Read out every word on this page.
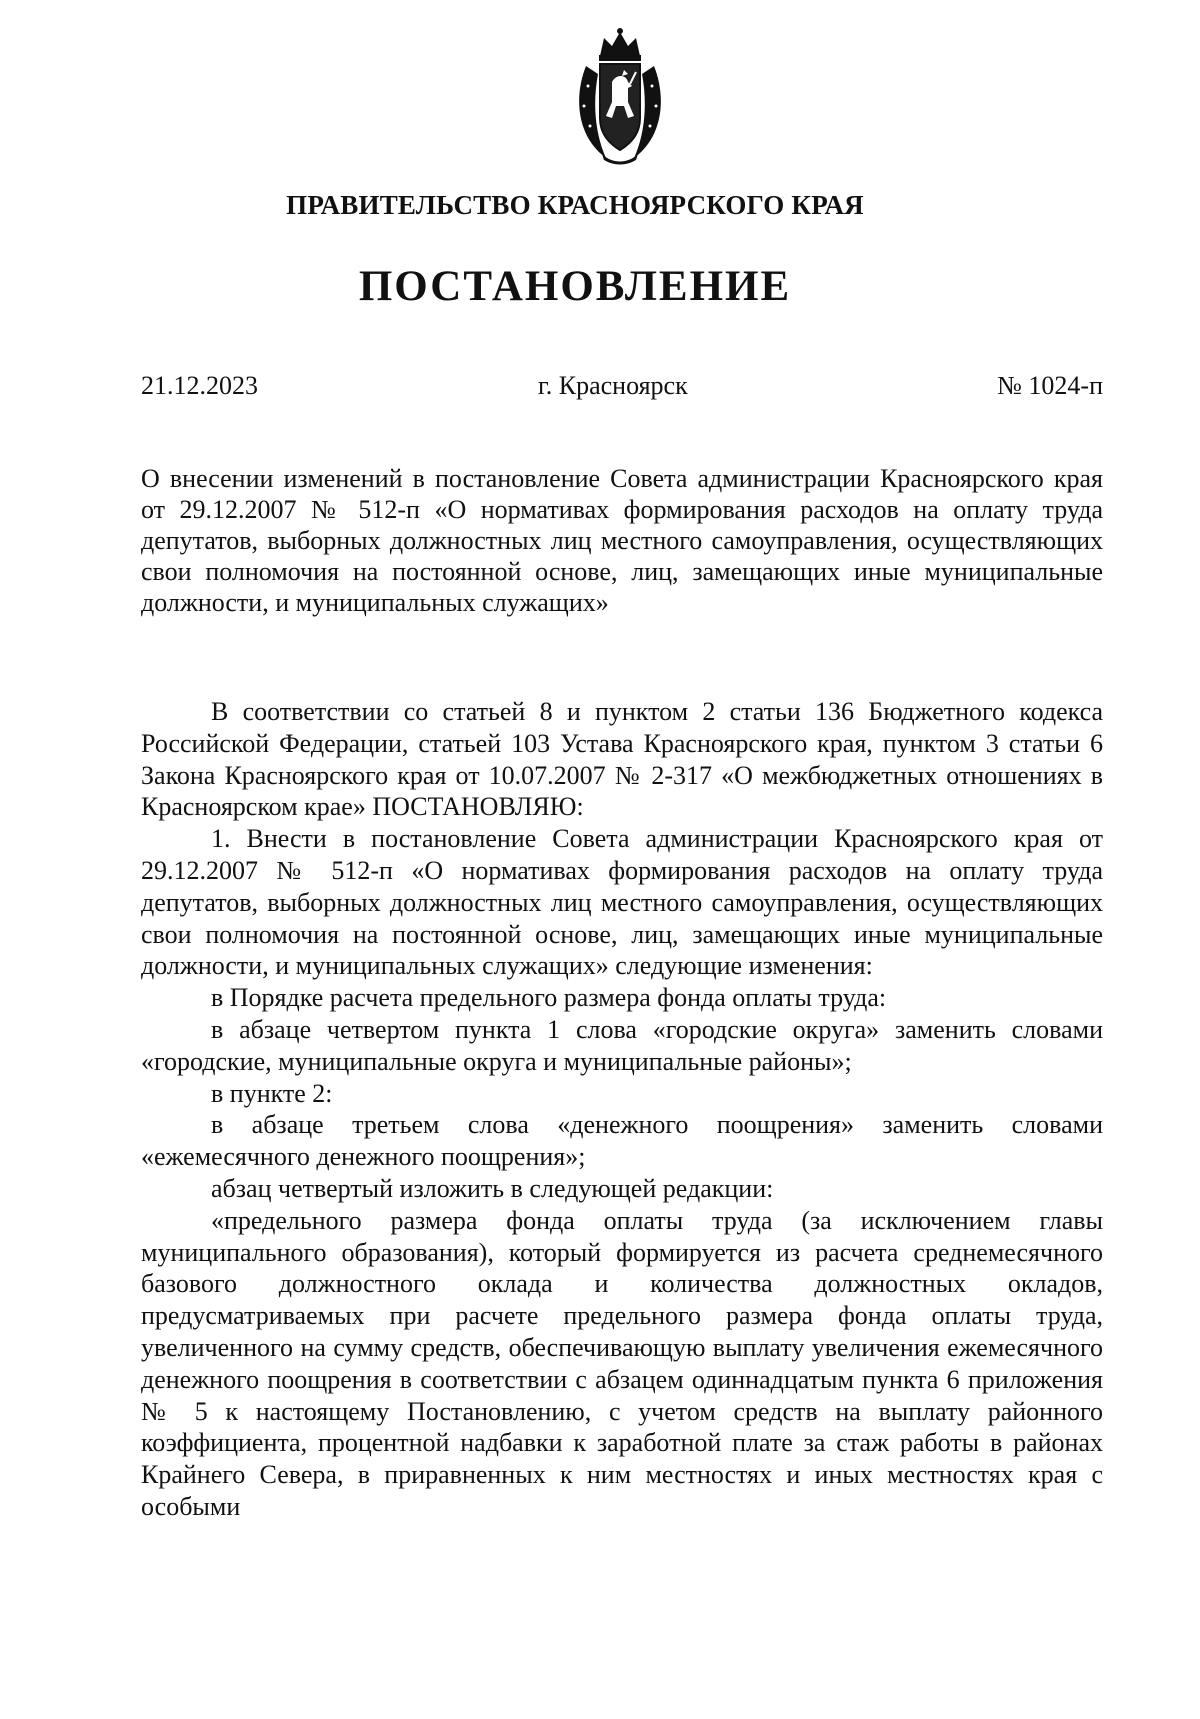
ПРАВИТЕЛЬСТВО КРАСНОЯРСКОГО КРАЯ
ПОСТАНОВЛЕНИЕ
21.12.2023	г. Красноярск	№ 1024-п
О внесении изменений в постановление Совета администрации Красноярского края от 29.12.2007 № 512-п «О нормативах формирования расходов на оплату труда депутатов, выборных должностных лиц местного самоуправления, осуществляющих свои полномочия на постоянной основе, лиц, замещающих иные муниципальные должности, и муниципальных служащих»

В соответствии со статьей 8 и пунктом 2 статьи 136 Бюджетного кодекса Российской Федерации, статьей 103 Устава Красноярского края, пунктом 3 статьи 6 Закона Красноярского края от 10.07.2007 № 2-317 «О межбюджетных отношениях в Красноярском крае» ПОСТАНОВЛЯЮ:

1. Внести в постановление Совета администрации Красноярского края от 29.12.2007 № 512-п «О нормативах формирования расходов на оплату труда депутатов, выборных должностных лиц местного самоуправления, осуществляющих свои полномочия на постоянной основе, лиц, замещающих иные муниципальные должности, и муниципальных служащих» следующие изменения:

в Порядке расчета предельного размера фонда оплаты труда:

в абзаце четвертом пункта 1 слова «городские округа» заменить словами «городские, муниципальные округа и муниципальные районы»;

в пункте 2:

в абзаце третьем слова «денежного поощрения» заменить словами «ежемесячного денежного поощрения»;

абзац четвертый изложить в следующей редакции:

«предельного размера фонда оплаты труда (за исключением главы муниципального образования), который формируется из расчета среднемесячного базового должностного оклада и количества должностных окладов, предусматриваемых при расчете предельного размера фонда оплаты труда, увеличенного на сумму средств, обеспечивающую выплату увеличения ежемесячного денежного поощрения в соответствии с абзацем одиннадцатым пункта 6 приложения № 5 к настоящему Постановлению, с учетом средств на выплату районного коэффициента, процентной надбавки к заработной плате за стаж работы в районах Крайнего Севера, в приравненных к ним местностях и иных местностях края с особыми
